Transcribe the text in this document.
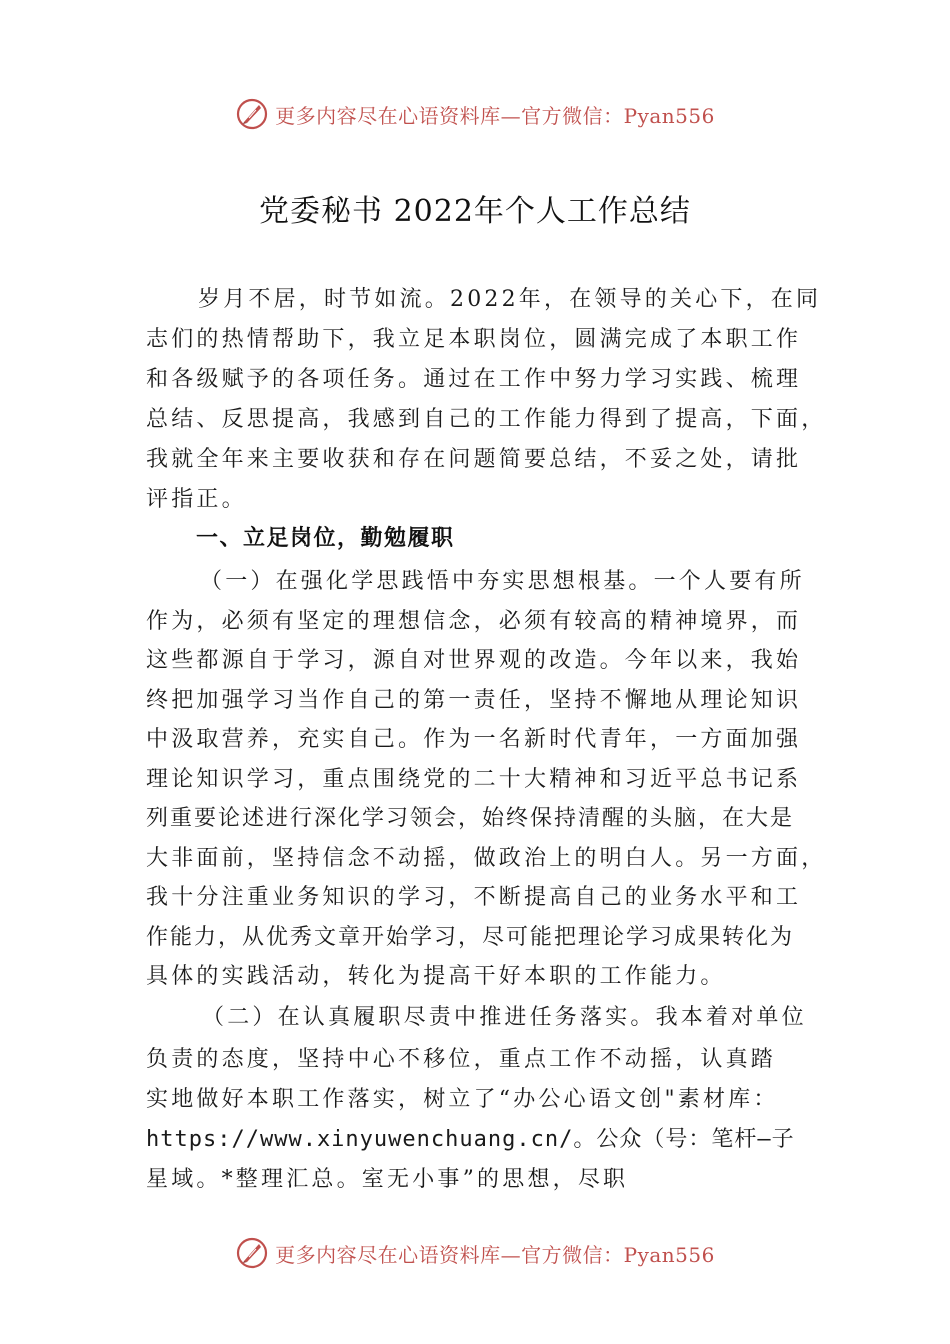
更多内容尽在心语资料库—官方微信：Pyan556
党委秘书 2022年个人工作总结
岁月不居，时节如流。2022年，在领导的关心下，在同
志们的热情帮助下，我立足本职岗位，圆满完成了本职工作
和各级赋予的各项任务。通过在工作中努力学习实践、梳理
总结、反思提高，我感到自己的工作能力得到了提高，下面，
我就全年来主要收获和存在问题简要总结，不妥之处，请批
评指正。
一、立足岗位，勤勉履职
（一）在强化学思践悟中夯实思想根基。一个人要有所
作为，必须有坚定的理想信念，必须有较高的精神境界，而
这些都源自于学习，源自对世界观的改造。今年以来，我始
终把加强学习当作自己的第一责任，坚持不懈地从理论知识
中汲取营养，充实自己。作为一名新时代青年，一方面加强
理论知识学习，重点围绕党的二十大精神和习近平总书记系
列重要论述进行深化学习领会，始终保持清醒的头脑，在大是
大非面前，坚持信念不动摇，做政治上的明白人。另一方面，
我十分注重业务知识的学习，不断提高自己的业务水平和工
作能力，从优秀文章开始学习，尽可能把理论学习成果转化为
具体的实践活动，转化为提高干好本职的工作能力。
（二）在认真履职尽责中推进任务落实。我本着对单位
负责的态度，坚持中心不移位，重点工作不动摇，认真踏
实地做好本职工作落实，树立了“办公心语文创"素材库：
https://www.xinyuwenchuang.cn/。公众（号：笔杆—子
星域。*整理汇总。室无小事”的思想，尽职
更多内容尽在心语资料库—官方微信：Pyan556
